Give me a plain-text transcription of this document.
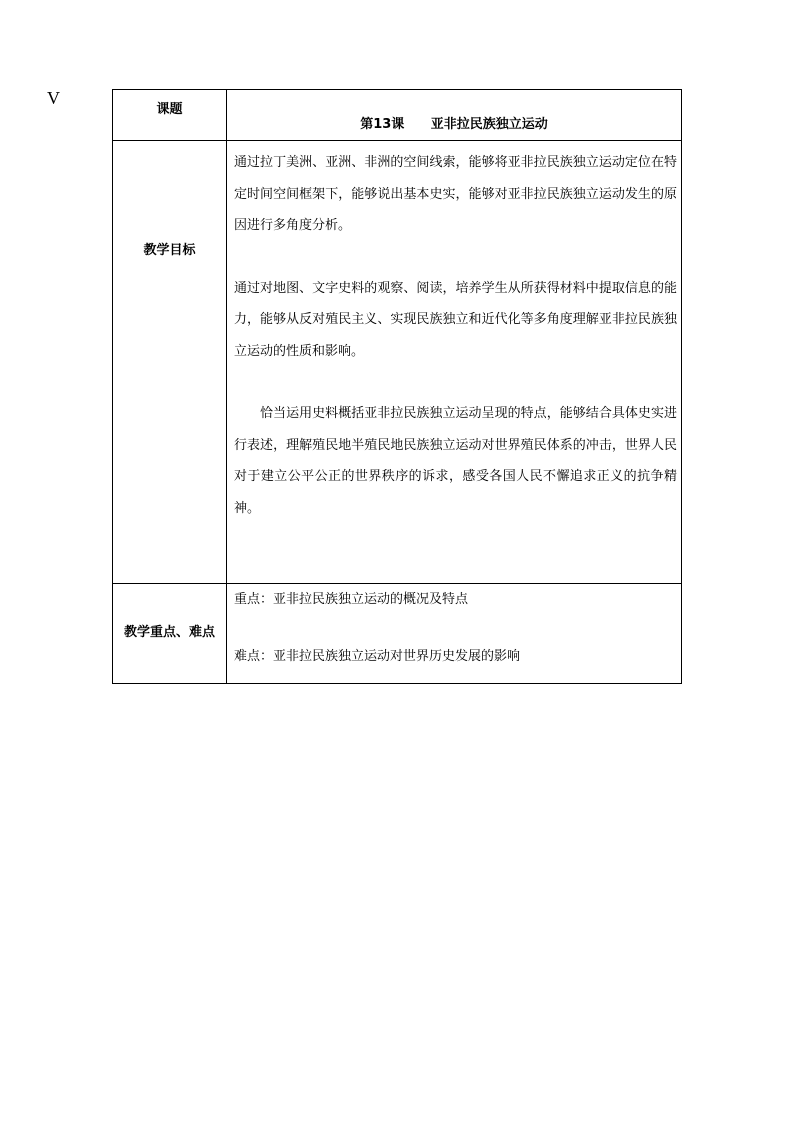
V
课题	第13课 亚非拉民族独立运动

教学目标	通过拉丁美洲、亚洲、非洲的空间线索，能够将亚非拉民族独立运动定位在特定时间空间框架下，能够说出基本史实，能够对亚非拉民族独立运动发生的原因进行多角度分析。

通过对地图、文字史料的观察、阅读，培养学生从所获得材料中提取信息的能力，能够从反对殖民主义、实现民族独立和近代化等多角度理解亚非拉民族独立运动的性质和影响。

恰当运用史料概括亚非拉民族独立运动呈现的特点，能够结合具体史实进行表述，理解殖民地半殖民地民族独立运动对世界殖民体系的冲击，世界人民对于建立公平公正的世界秩序的诉求，感受各国人民不懈追求正义的抗争精神。

教学重点、难点	重点：亚非拉民族独立运动的概况及特点

难点：亚非拉民族独立运动对世界历史发展的影响
